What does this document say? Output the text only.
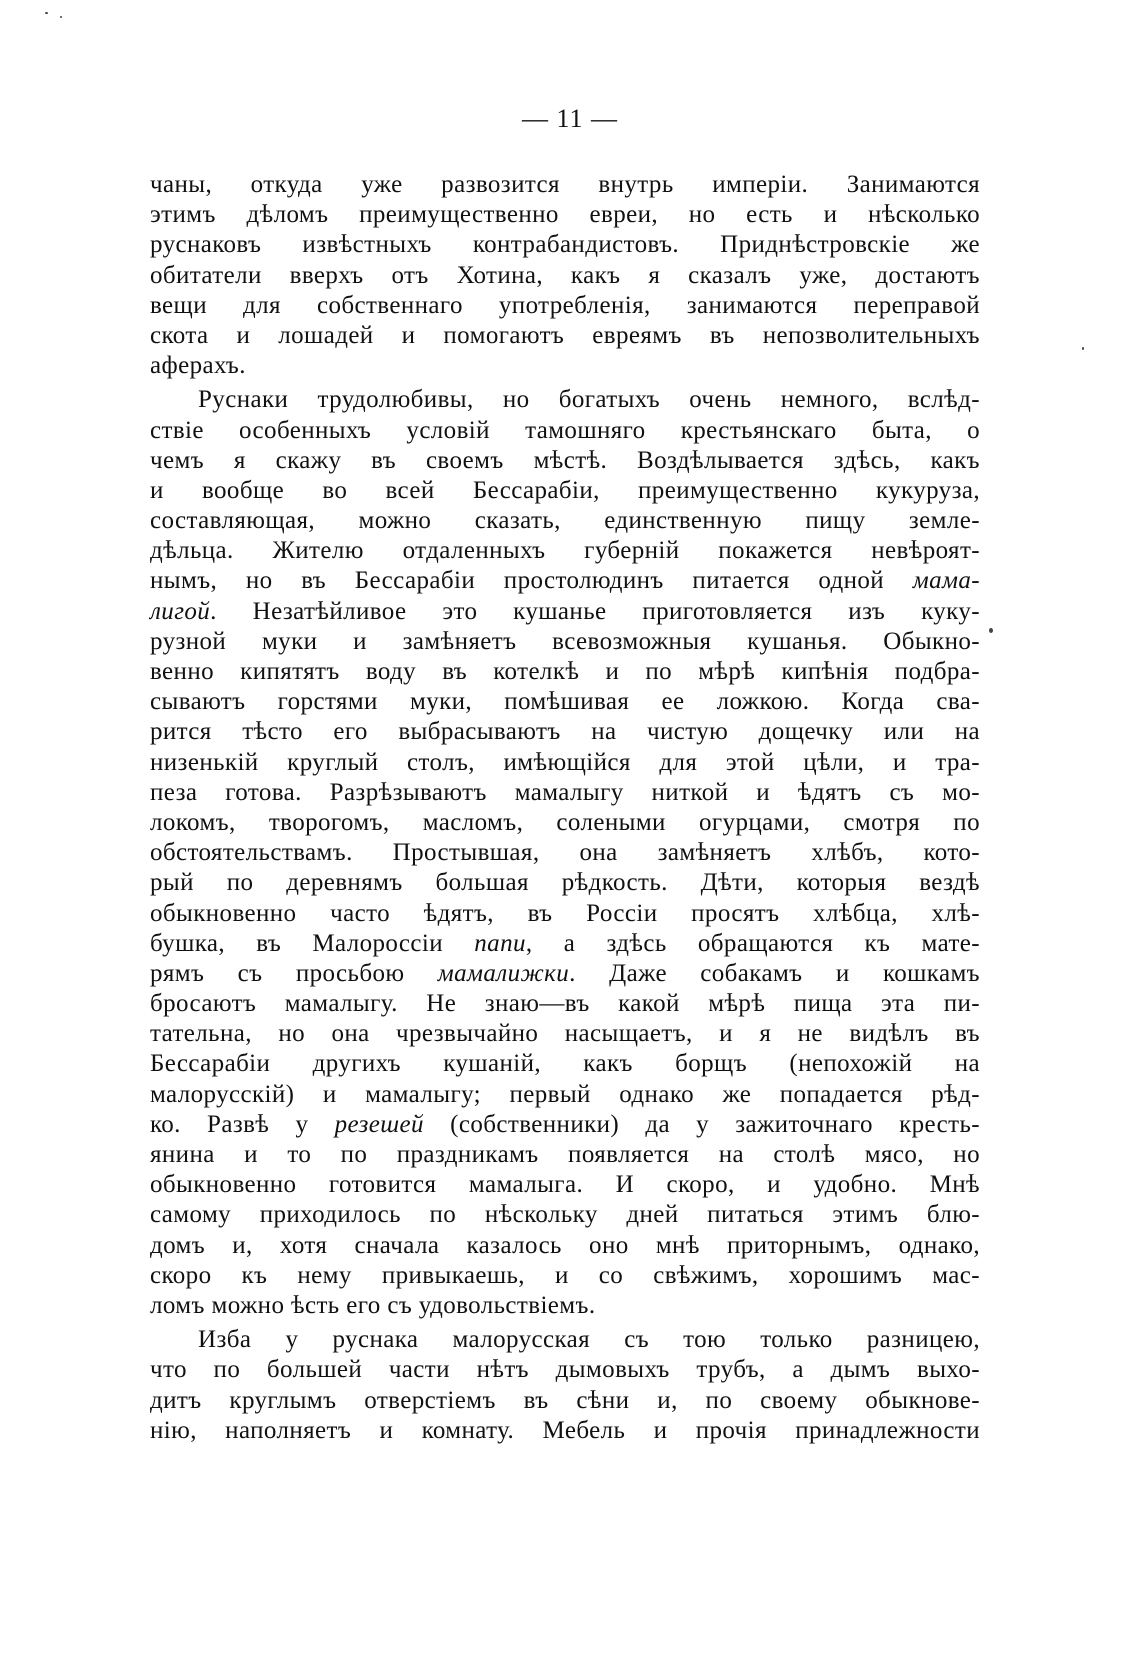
— 11 —
чаны, откуда уже развозится внутрь имперіи. Занимаются
этимъ дѣломъ преимущественно евреи, но есть и нѣсколько
руснаковъ извѣстныхъ контрабандистовъ. Приднѣстровскіе же
обитатели вверхъ отъ Хотина, какъ я сказалъ уже, достаютъ
вещи для собственнаго употребленія, занимаются переправой
скота и лошадей и помогаютъ евреямъ въ непозволительныхъ
аферахъ.
Руснаки трудолюбивы, но богатыхъ очень немного, вслѣд-
ствіе особенныхъ условій тамошняго крестьянскаго быта, о
чемъ я скажу въ своемъ мѣстѣ. Воздѣлывается здѣсь, какъ
и вообще во всей Бессарабіи, преимущественно кукуруза,
составляющая, можно сказать, единственную пищу земле-
дѣльца. Жителю отдаленныхъ губерній покажется невѣроят-
нымъ, но въ Бессарабіи простолюдинъ питается одной мама-
лигой. Незатѣйливое это кушанье приготовляется изъ куку-
рузной муки и замѣняетъ всевозможныя кушанья. Обыкно-
венно кипятятъ воду въ котелкѣ и по мѣрѣ кипѣнія подбра-
сываютъ горстями муки, помѣшивая ее ложкою. Когда сва-
рится тѣсто его выбрасываютъ на чистую дощечку или на
низенькій круглый столъ, имѣющійся для этой цѣли, и тра-
пеза готова. Разрѣзываютъ мамалыгу ниткой и ѣдятъ съ мо-
локомъ, творогомъ, масломъ, солеными огурцами, смотря по
обстоятельствамъ. Простывшая, она замѣняетъ хлѣбъ, кото-
рый по деревнямъ большая рѣдкость. Дѣти, которыя вездѣ
обыкновенно часто ѣдятъ, въ Россіи просятъ хлѣбца, хлѣ-
бушка, въ Малороссіи папи, а здѣсь обращаются къ мате-
рямъ съ просьбою мамалижки. Даже собакамъ и кошкамъ
бросаютъ мамалыгу. Не знаю—въ какой мѣрѣ пища эта пи-
тательна, но она чрезвычайно насыщаетъ, и я не видѣлъ въ
Бессарабіи другихъ кушаній, какъ борщъ (непохожій на
малорусскій) и мамалыгу; первый однако же попадается рѣд-
ко. Развѣ у резешей (собственники) да у зажиточнаго кресть-
янина и то по праздникамъ появляется на столѣ мясо, но
обыкновенно готовится мамалыга. И скоро, и удобно. Мнѣ
самому приходилось по нѣскольку дней питаться этимъ блю-
домъ и, хотя сначала казалось оно мнѣ приторнымъ, однако,
скоро къ нему привыкаешь, и со свѣжимъ, хорошимъ мас-
ломъ можно ѣсть его съ удовольствіемъ.
Изба у руснака малорусская съ тою только разницею,
что по большей части нѣтъ дымовыхъ трубъ, а дымъ выхо-
дитъ круглымъ отверстіемъ въ сѣни и, по своему обыкнове-
нію, наполняетъ и комнату. Мебель и прочія принадлежности
